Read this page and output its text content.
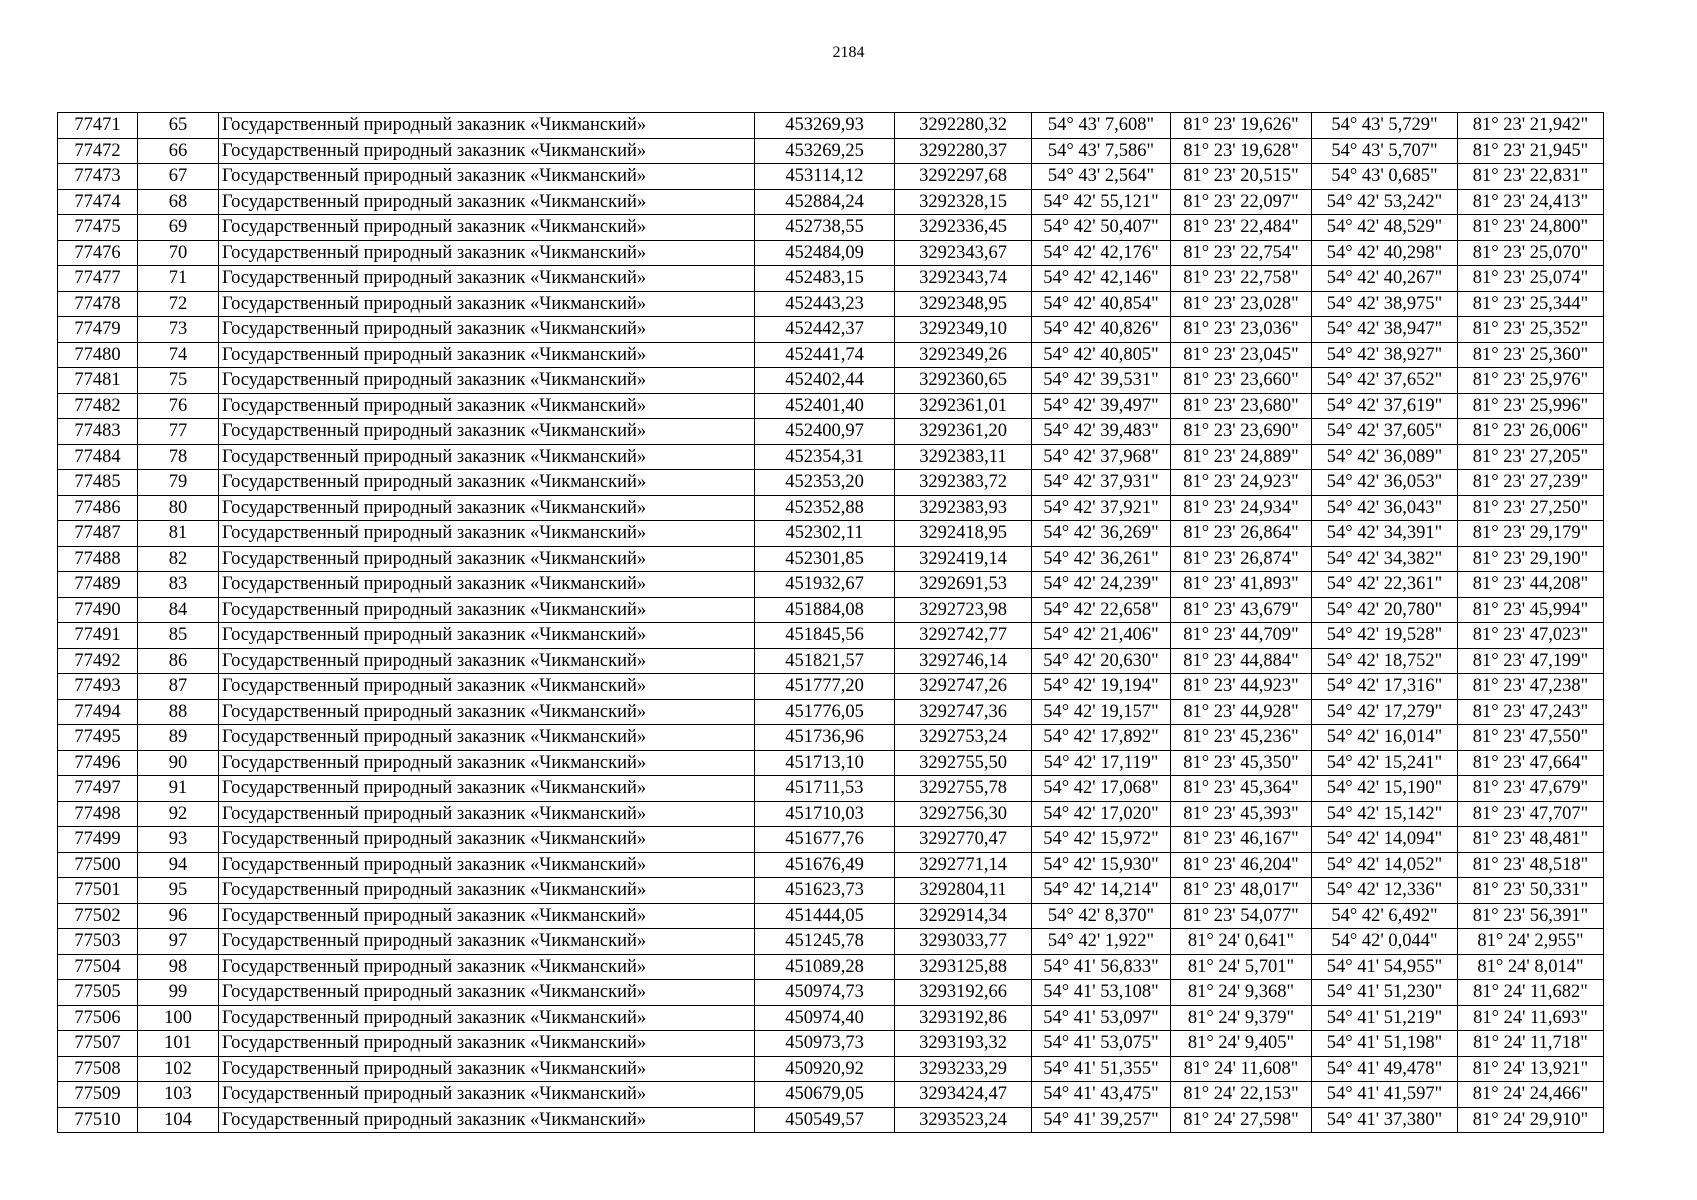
2184
77471	65	Государственный природный заказник «Чикманский»	453269,93	3292280,32	54° 43' 7,608"	81° 23' 19,626"	54° 43' 5,729"	81° 23' 21,942"
77472	66	Государственный природный заказник «Чикманский»	453269,25	3292280,37	54° 43' 7,586"	81° 23' 19,628"	54° 43' 5,707"	81° 23' 21,945"
77473	67	Государственный природный заказник «Чикманский»	453114,12	3292297,68	54° 43' 2,564"	81° 23' 20,515"	54° 43' 0,685"	81° 23' 22,831"
77474	68	Государственный природный заказник «Чикманский»	452884,24	3292328,15	54° 42' 55,121"	81° 23' 22,097"	54° 42' 53,242"	81° 23' 24,413"
77475	69	Государственный природный заказник «Чикманский»	452738,55	3292336,45	54° 42' 50,407"	81° 23' 22,484"	54° 42' 48,529"	81° 23' 24,800"
77476	70	Государственный природный заказник «Чикманский»	452484,09	3292343,67	54° 42' 42,176"	81° 23' 22,754"	54° 42' 40,298"	81° 23' 25,070"
77477	71	Государственный природный заказник «Чикманский»	452483,15	3292343,74	54° 42' 42,146"	81° 23' 22,758"	54° 42' 40,267"	81° 23' 25,074"
77478	72	Государственный природный заказник «Чикманский»	452443,23	3292348,95	54° 42' 40,854"	81° 23' 23,028"	54° 42' 38,975"	81° 23' 25,344"
77479	73	Государственный природный заказник «Чикманский»	452442,37	3292349,10	54° 42' 40,826"	81° 23' 23,036"	54° 42' 38,947"	81° 23' 25,352"
77480	74	Государственный природный заказник «Чикманский»	452441,74	3292349,26	54° 42' 40,805"	81° 23' 23,045"	54° 42' 38,927"	81° 23' 25,360"
77481	75	Государственный природный заказник «Чикманский»	452402,44	3292360,65	54° 42' 39,531"	81° 23' 23,660"	54° 42' 37,652"	81° 23' 25,976"
77482	76	Государственный природный заказник «Чикманский»	452401,40	3292361,01	54° 42' 39,497"	81° 23' 23,680"	54° 42' 37,619"	81° 23' 25,996"
77483	77	Государственный природный заказник «Чикманский»	452400,97	3292361,20	54° 42' 39,483"	81° 23' 23,690"	54° 42' 37,605"	81° 23' 26,006"
77484	78	Государственный природный заказник «Чикманский»	452354,31	3292383,11	54° 42' 37,968"	81° 23' 24,889"	54° 42' 36,089"	81° 23' 27,205"
77485	79	Государственный природный заказник «Чикманский»	452353,20	3292383,72	54° 42' 37,931"	81° 23' 24,923"	54° 42' 36,053"	81° 23' 27,239"
77486	80	Государственный природный заказник «Чикманский»	452352,88	3292383,93	54° 42' 37,921"	81° 23' 24,934"	54° 42' 36,043"	81° 23' 27,250"
77487	81	Государственный природный заказник «Чикманский»	452302,11	3292418,95	54° 42' 36,269"	81° 23' 26,864"	54° 42' 34,391"	81° 23' 29,179"
77488	82	Государственный природный заказник «Чикманский»	452301,85	3292419,14	54° 42' 36,261"	81° 23' 26,874"	54° 42' 34,382"	81° 23' 29,190"
77489	83	Государственный природный заказник «Чикманский»	451932,67	3292691,53	54° 42' 24,239"	81° 23' 41,893"	54° 42' 22,361"	81° 23' 44,208"
77490	84	Государственный природный заказник «Чикманский»	451884,08	3292723,98	54° 42' 22,658"	81° 23' 43,679"	54° 42' 20,780"	81° 23' 45,994"
77491	85	Государственный природный заказник «Чикманский»	451845,56	3292742,77	54° 42' 21,406"	81° 23' 44,709"	54° 42' 19,528"	81° 23' 47,023"
77492	86	Государственный природный заказник «Чикманский»	451821,57	3292746,14	54° 42' 20,630"	81° 23' 44,884"	54° 42' 18,752"	81° 23' 47,199"
77493	87	Государственный природный заказник «Чикманский»	451777,20	3292747,26	54° 42' 19,194"	81° 23' 44,923"	54° 42' 17,316"	81° 23' 47,238"
77494	88	Государственный природный заказник «Чикманский»	451776,05	3292747,36	54° 42' 19,157"	81° 23' 44,928"	54° 42' 17,279"	81° 23' 47,243"
77495	89	Государственный природный заказник «Чикманский»	451736,96	3292753,24	54° 42' 17,892"	81° 23' 45,236"	54° 42' 16,014"	81° 23' 47,550"
77496	90	Государственный природный заказник «Чикманский»	451713,10	3292755,50	54° 42' 17,119"	81° 23' 45,350"	54° 42' 15,241"	81° 23' 47,664"
77497	91	Государственный природный заказник «Чикманский»	451711,53	3292755,78	54° 42' 17,068"	81° 23' 45,364"	54° 42' 15,190"	81° 23' 47,679"
77498	92	Государственный природный заказник «Чикманский»	451710,03	3292756,30	54° 42' 17,020"	81° 23' 45,393"	54° 42' 15,142"	81° 23' 47,707"
77499	93	Государственный природный заказник «Чикманский»	451677,76	3292770,47	54° 42' 15,972"	81° 23' 46,167"	54° 42' 14,094"	81° 23' 48,481"
77500	94	Государственный природный заказник «Чикманский»	451676,49	3292771,14	54° 42' 15,930"	81° 23' 46,204"	54° 42' 14,052"	81° 23' 48,518"
77501	95	Государственный природный заказник «Чикманский»	451623,73	3292804,11	54° 42' 14,214"	81° 23' 48,017"	54° 42' 12,336"	81° 23' 50,331"
77502	96	Государственный природный заказник «Чикманский»	451444,05	3292914,34	54° 42' 8,370"	81° 23' 54,077"	54° 42' 6,492"	81° 23' 56,391"
77503	97	Государственный природный заказник «Чикманский»	451245,78	3293033,77	54° 42' 1,922"	81° 24' 0,641"	54° 42' 0,044"	81° 24' 2,955"
77504	98	Государственный природный заказник «Чикманский»	451089,28	3293125,88	54° 41' 56,833"	81° 24' 5,701"	54° 41' 54,955"	81° 24' 8,014"
77505	99	Государственный природный заказник «Чикманский»	450974,73	3293192,66	54° 41' 53,108"	81° 24' 9,368"	54° 41' 51,230"	81° 24' 11,682"
77506	100	Государственный природный заказник «Чикманский»	450974,40	3293192,86	54° 41' 53,097"	81° 24' 9,379"	54° 41' 51,219"	81° 24' 11,693"
77507	101	Государственный природный заказник «Чикманский»	450973,73	3293193,32	54° 41' 53,075"	81° 24' 9,405"	54° 41' 51,198"	81° 24' 11,718"
77508	102	Государственный природный заказник «Чикманский»	450920,92	3293233,29	54° 41' 51,355"	81° 24' 11,608"	54° 41' 49,478"	81° 24' 13,921"
77509	103	Государственный природный заказник «Чикманский»	450679,05	3293424,47	54° 41' 43,475"	81° 24' 22,153"	54° 41' 41,597"	81° 24' 24,466"
77510	104	Государственный природный заказник «Чикманский»	450549,57	3293523,24	54° 41' 39,257"	81° 24' 27,598"	54° 41' 37,380"	81° 24' 29,910"
